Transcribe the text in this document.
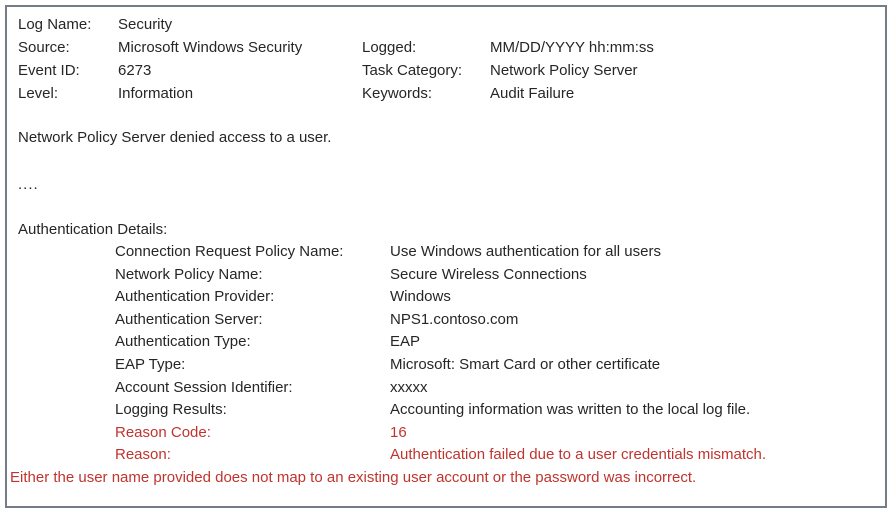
Log Name:	Security
Source:	Microsoft Windows Security	Logged:	MM/DD/YYYY hh:mm:ss
Event ID:	6273	Task Category:	Network Policy Server
Level:	Information	Keywords:	Audit Failure

Network Policy Server denied access to a user.

....

Authentication Details:

Connection Request Policy Name:	Use Windows authentication for all users
Network Policy Name:	Secure Wireless Connections
Authentication Provider:	Windows
Authentication Server:	NPS1.contoso.com
Authentication Type:	EAP
EAP Type:	Microsoft: Smart Card or other certificate
Account Session Identifier:	xxxxx
Logging Results:	Accounting information was written to the local log file.
Reason Code:	16
Reason:	Authentication failed due to a user credentials mismatch.

Either the user name provided does not map to an existing user account or the password was incorrect.
